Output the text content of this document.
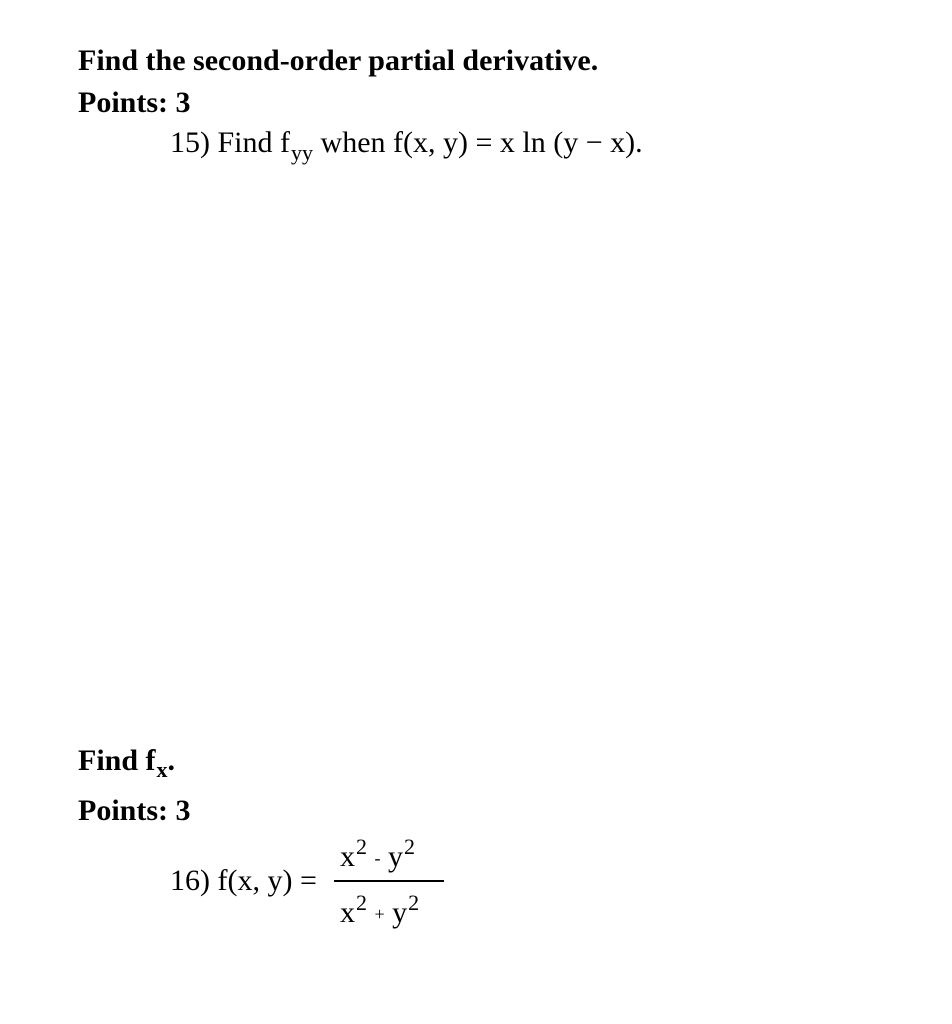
Find the second-order partial derivative.
Points: 3
15) Find $f_{yy}$ when f(x, y) = x ln (y − x).
Find $f_x$.
Points: 3
16) f(x, y) =
$x^2 - y^2$
$x^2 + y^2$
